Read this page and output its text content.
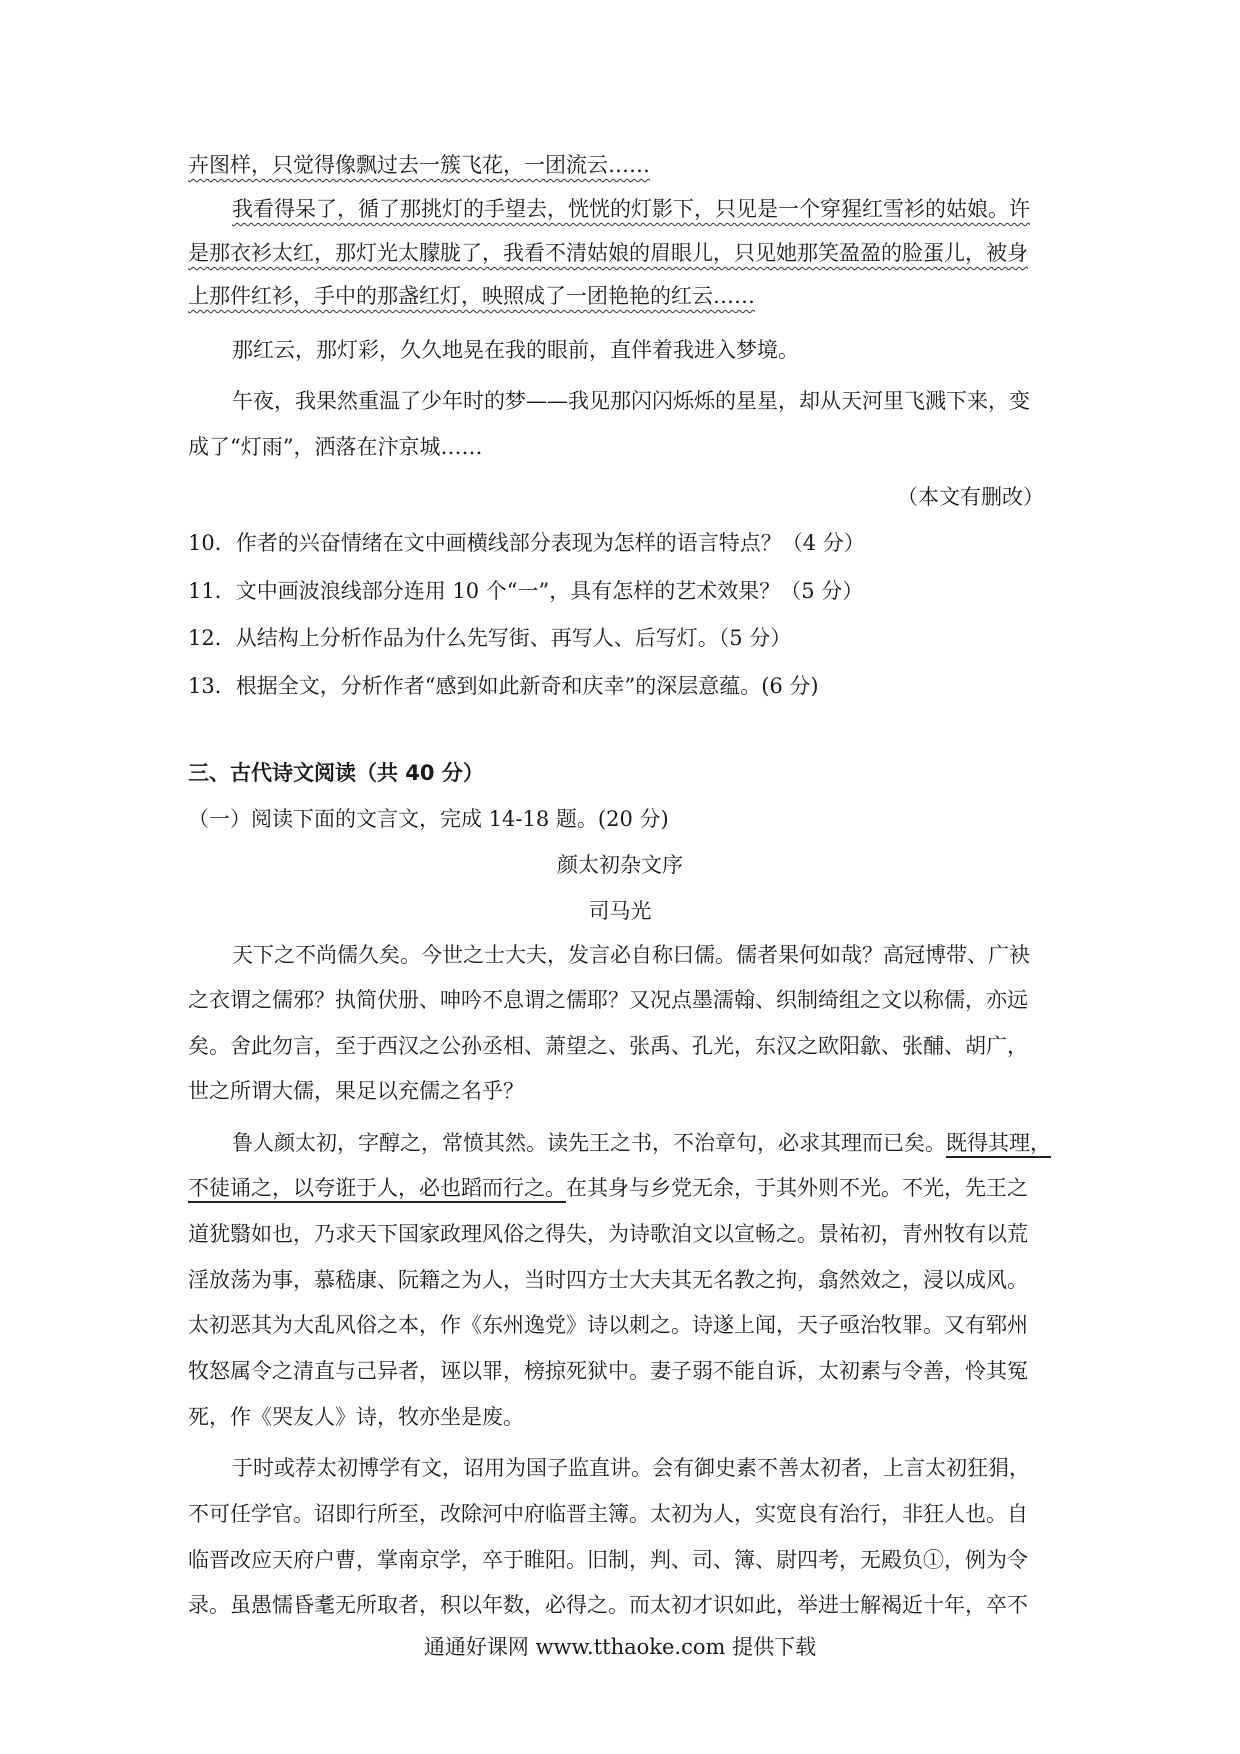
卉图样，只觉得像飘过去一簇飞花，一团流云……
我看得呆了，循了那挑灯的手望去，恍恍的灯影下，只见是一个穿猩红雪衫的姑娘。许
是那衣衫太红，那灯光太朦胧了，我看不清姑娘的眉眼儿，只见她那笑盈盈的脸蛋儿，被身
上那件红衫，手中的那盏红灯，映照成了一团艳艳的红云……
那红云，那灯彩，久久地晃在我的眼前，直伴着我进入梦境。
午夜，我果然重温了少年时的梦——我见那闪闪烁烁的星星，却从天河里飞溅下来，变
成了“灯雨”，洒落在汴京城……
（本文有删改）
10．作者的兴奋情绪在文中画横线部分表现为怎样的语言特点？（4 分）
11．文中画波浪线部分连用 10 个“一”，具有怎样的艺术效果？（5 分）
12．从结构上分析作品为什么先写街、再写人、后写灯。（5 分）
13．根据全文，分析作者“感到如此新奇和庆幸”的深层意蕴。(6 分)
三、古代诗文阅读（共 40 分）
（一）阅读下面的文言文，完成 14-18 题。(20 分)
颜太初杂文序
司马光
天下之不尚儒久矣。今世之士大夫，发言必自称曰儒。儒者果何如哉？高冠博带、广袂
之衣谓之儒邪？执简伏册、呻吟不息谓之儒耶？又况点墨濡翰、织制绮组之文以称儒，亦远
矣。舍此勿言，至于西汉之公孙丞相、萧望之、张禹、孔光，东汉之欧阳歙、张酺、胡广，
世之所谓大儒，果足以充儒之名乎？
鲁人颜太初，字醇之，常愤其然。读先王之书，不治章句，必求其理而已矣。既得其理，
不徒诵之，以夸诳于人，必也蹈而行之。在其身与乡党无余，于其外则不光。不光，先王之
道犹翳如也，乃求天下国家政理风俗之得失，为诗歌洎文以宣畅之。景祐初，青州牧有以荒
淫放荡为事，慕嵇康、阮籍之为人，当时四方士大夫其无名教之拘，翕然效之，浸以成风。
太初恶其为大乱风俗之本，作《东州逸党》诗以刺之。诗遂上闻，天子亟治牧罪。又有郓州
牧怒属令之清直与己异者，诬以罪，榜掠死狱中。妻子弱不能自诉，太初素与令善，怜其冤
死，作《哭友人》诗，牧亦坐是废。
于时或荐太初博学有文，诏用为国子监直讲。会有御史素不善太初者，上言太初狂狷，
不可任学官。诏即行所至，改除河中府临晋主簿。太初为人，实宽良有治行，非狂人也。自
临晋改应天府户曹，掌南京学，卒于睢阳。旧制，判、司、簿、尉四考，无殿负①，例为令
录。虽愚懦昏耄无所取者，积以年数，必得之。而太初才识如此，举进士解褐近十年，卒不
通通好课网 www.tthaoke.com 提供下载
